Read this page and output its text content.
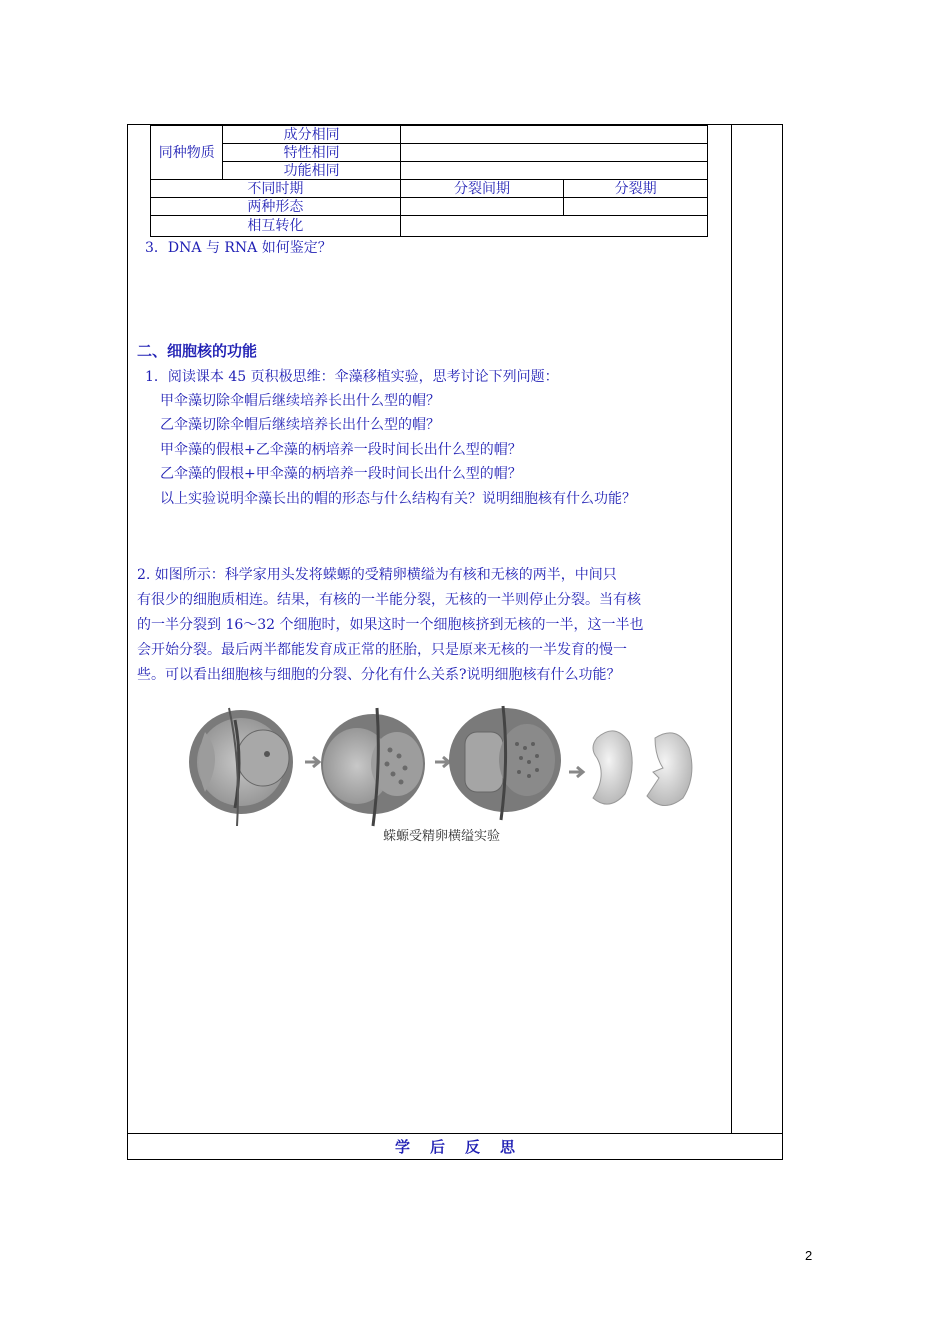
学后反思
同种物质	成分相同		
	特性相同		
	功能相同		
不同时期		分裂间期	分裂期
两种形态			
相互转化			
3．DNA 与 RNA 如何鉴定？
二、细胞核的功能
1．阅读课本 45 页积极思维：伞藻移植实验，思考讨论下列问题：
甲伞藻切除伞帽后继续培养长出什么型的帽？
乙伞藻切除伞帽后继续培养长出什么型的帽？
甲伞藻的假根+乙伞藻的柄培养一段时间长出什么型的帽？
乙伞藻的假根+甲伞藻的柄培养一段时间长出什么型的帽？
以上实验说明伞藻长出的帽的形态与什么结构有关？说明细胞核有什么功能？
2. 如图所示：科学家用头发将蝾螈的受精卵横缢为有核和无核的两半，中间只
有很少的细胞质相连。结果，有核的一半能分裂，无核的一半则停止分裂。当有核
的一半分裂到 16～32 个细胞时，如果这时一个细胞核挤到无核的一半，这一半也
会开始分裂。最后两半都能发育成正常的胚胎，只是原来无核的一半发育的慢一
些。可以看出细胞核与细胞的分裂、分化有什么关系?说明细胞核有什么功能？
蝾螈受精卵横缢实验
2
